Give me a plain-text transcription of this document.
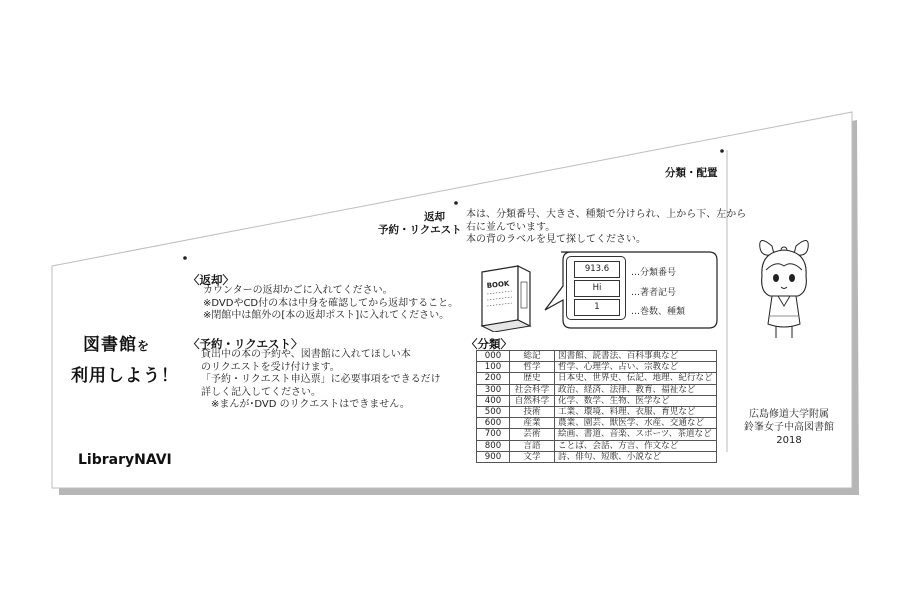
図書館を
利用しよう！
LibraryNAVI
分類・配置
返却
予約・リクエスト
〈返却〉
カウンターの返却かごに入れてください。
※DVDやCD付の本は中身を確認してから返却すること。
※閉館中は館外の[本の返却ポスト]に入れてください。
〈予約・リクエスト〉
貸出中の本の予約や、図書館に入れてほしい本
のリクエストを受け付けます。
「予約・リクエスト申込票」に必要事項をできるだけ
詳しく記入してください。
※まんが･DVD のリクエストはできません。
本は、分類番号、大きさ、種類で分けられ、上から下、左から
右に並んでいます。
本の背のラベルを見て探してください。
BOOK
913.6
Hi
1
…分類番号
…著者記号
…巻数、種類
〈分類〉
000	総記	図書館、読書法、百科事典など
100	哲学	哲学、心理学、占い、宗教など
200	歴史	日本史、世界史、伝記、地理、紀行など
300	社会科学	政治、経済、法律、教育、福祉など
400	自然科学	化学、数学、生物、医学など
500	技術	工業、環境、料理、衣服、育児など
600	産業	農業、園芸、獣医学、水産、交通など
700	芸術	絵画、書道、音楽、スポーツ、茶道など
800	言語	ことば、会話、方言、作文など
900	文学	詩、俳句、短歌、小説など
広島修道大学附属
鈴峯女子中高図書館
2018
